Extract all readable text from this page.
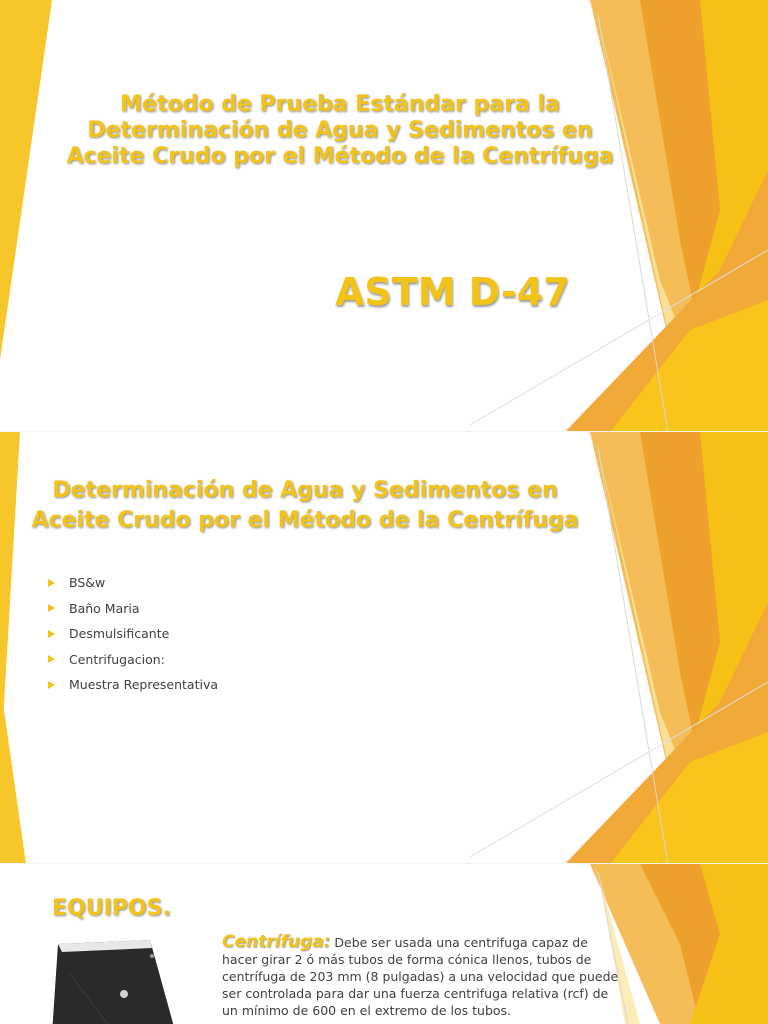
Método de Prueba Estándar para la Determinación de Agua y Sedimentos en Aceite Crudo por el Método de la Centrífuga
ASTM D-47
Determinación de Agua y Sedimentos en Aceite Crudo por el Método de la Centrífuga
BS&w
Baño Maria
Desmulsificante
Centrifugacion:
Muestra Representativa
EQUIPOS.

Centrífuga: Debe ser usada una centrifuga capaz de hacer girar 2 ó más tubos de forma cónica llenos, tubos de centrífuga de 203 mm (8 pulgadas) a una velocidad que puede ser controlada para dar una fuerza centrifuga relativa (rcf) de un mínimo de 600 en el extremo de los tubos.
